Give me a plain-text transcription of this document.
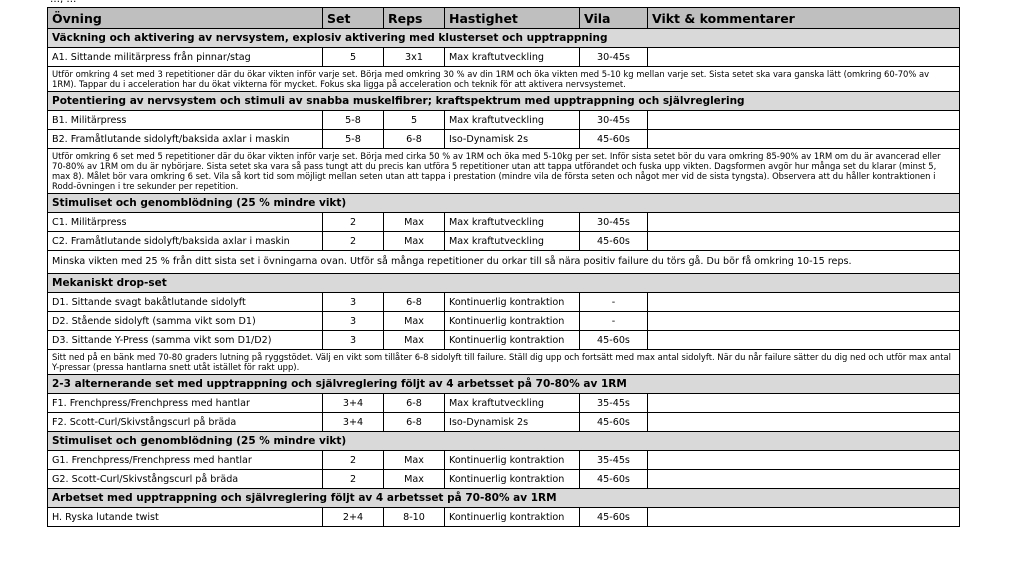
Övning	Set	Reps	Hastighet	Vila	Vikt & kommentarer
Väckning och aktivering av nervsystem, explosiv aktivering med klusterset och upptrappning					
A1. Sittande militärpress från pinnar/stag	5	3x1	Max kraftutveckling	30-45s	
Utför omkring 4 set med 3 repetitioner där du ökar vikten inför varje set. Börja med omkring 30 % av din 1RM och öka vikten med 5-10 kg mellan varje set. Sista setet ska vara ganska lätt (omkring 60-70% av 1RM). Tappar du i acceleration har du ökat vikterna för mycket. Fokus ska ligga på acceleration och teknik för att aktivera nervsystemet.					
Potentiering av nervsystem och stimuli av snabba muskelfibrer; kraftspektrum med upptrappning och självreglering					
B1. Militärpress	5-8	5	Max kraftutveckling	30-45s	
B2. Framåtlutande sidolyft/baksida axlar i maskin	5-8	6-8	Iso-Dynamisk 2s	45-60s	
Utför omkring 6 set med 5 repetitioner där du ökar vikten inför varje set. Börja med cirka 50 % av 1RM och öka med 5-10kg per set. Inför sista setet bör du vara omkring 85-90% av 1RM om du är avancerad eller 70-80% av 1RM om du är nybörjare. Sista setet ska vara så pass tungt att du precis kan utföra 5 repetitioner utan att tappa utförandet och fuska upp vikten. Dagsformen avgör hur många set du klarar (minst 5, max 8). Målet bör vara omkring 6 set. Vila så kort tid som möjligt mellan seten utan att tappa i prestation (mindre vila de första seten och något mer vid de sista tyngsta). Observera att du håller kontraktionen i Rodd-övningen i tre sekunder per repetition.					
Stimuliset och genomblödning (25 % mindre vikt)					
C1. Militärpress	2	Max	Max kraftutveckling	30-45s	
C2. Framåtlutande sidolyft/baksida axlar i maskin	2	Max	Max kraftutveckling	45-60s	
Minska vikten med 25 % från ditt sista set i övningarna ovan. Utför så många repetitioner du orkar till så nära positiv failure du törs gå. Du bör få omkring 10-15 reps.					
Mekaniskt drop-set					
D1. Sittande svagt bakåtlutande sidolyft	3	6-8	Kontinuerlig kontraktion	-	
D2. Stående sidolyft (samma vikt som D1)	3	Max	Kontinuerlig kontraktion	-	
D3. Sittande Y-Press (samma vikt som D1/D2)	3	Max	Kontinuerlig kontraktion	45-60s	
Sitt ned på en bänk med 70-80 graders lutning på ryggstödet. Välj en vikt som tillåter 6-8 sidolyft till failure. Ställ dig upp och fortsätt med max antal sidolyft. När du når failure sätter du dig ned och utför max antal Y-pressar (pressa hantlarna snett utåt istället för rakt upp).					
2-3 alternerande set med upptrappning och självreglering följt av 4 arbetsset på 70-80% av 1RM					
F1. Frenchpress/Frenchpress med hantlar	3+4	6-8	Max kraftutveckling	35-45s	
F2. Scott-Curl/Skivstångscurl på bräda	3+4	6-8	Iso-Dynamisk 2s	45-60s	
Stimuliset och genomblödning (25 % mindre vikt)					
G1. Frenchpress/Frenchpress med hantlar	2	Max	Kontinuerlig kontraktion	35-45s	
G2. Scott-Curl/Skivstångscurl på bräda	2	Max	Kontinuerlig kontraktion	45-60s	
Arbetset med upptrappning och självreglering följt av 4 arbetsset på 70-80% av 1RM					
H. Ryska lutande twist	2+4	8-10	Kontinuerlig kontraktion	45-60s	
